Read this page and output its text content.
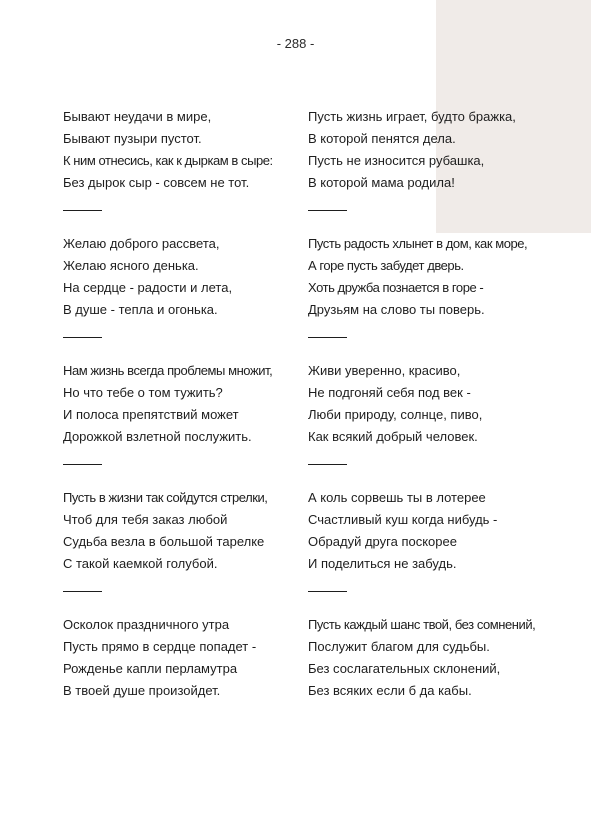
- 288 -
Бывают неудачи в мире,
Бывают пузыри пустот.
К ним отнесись, как к дыркам в сыре:
Без дырок сыр - совсем не тот.
Желаю доброго рассвета,
Желаю ясного денька.
На сердце - радости и лета,
В душе - тепла и огонька.
Нам жизнь всегда проблемы множит,
Но что тебе о том тужить?
И полоса препятствий может
Дорожкой взлетной послужить.
Пусть в жизни так сойдутся стрелки,
Чтоб для тебя заказ любой
Судьба везла в большой тарелке
С такой каемкой голубой.
Осколок праздничного утра
Пусть прямо в сердце попадет -
Рожденье капли перламутра
В твоей душе произойдет.
Пусть жизнь играет, будто бражка,
В которой пенятся дела.
Пусть не износится рубашка,
В которой мама родила!
Пусть радость хлынет в дом, как море,
А горе пусть забудет дверь.
Хоть дружба познается в горе -
Друзьям на слово ты поверь.
Живи уверенно, красиво,
Не подгоняй себя под век -
Люби природу, солнце, пиво,
Как всякий добрый человек.
А коль сорвешь ты в лотерее
Счастливый куш когда нибудь -
Обрадуй друга поскорее
И поделиться не забудь.
Пусть каждый шанс твой, без сомнений,
Послужит благом для судьбы.
Без сослагательных склонений,
Без всяких если б да кабы.
